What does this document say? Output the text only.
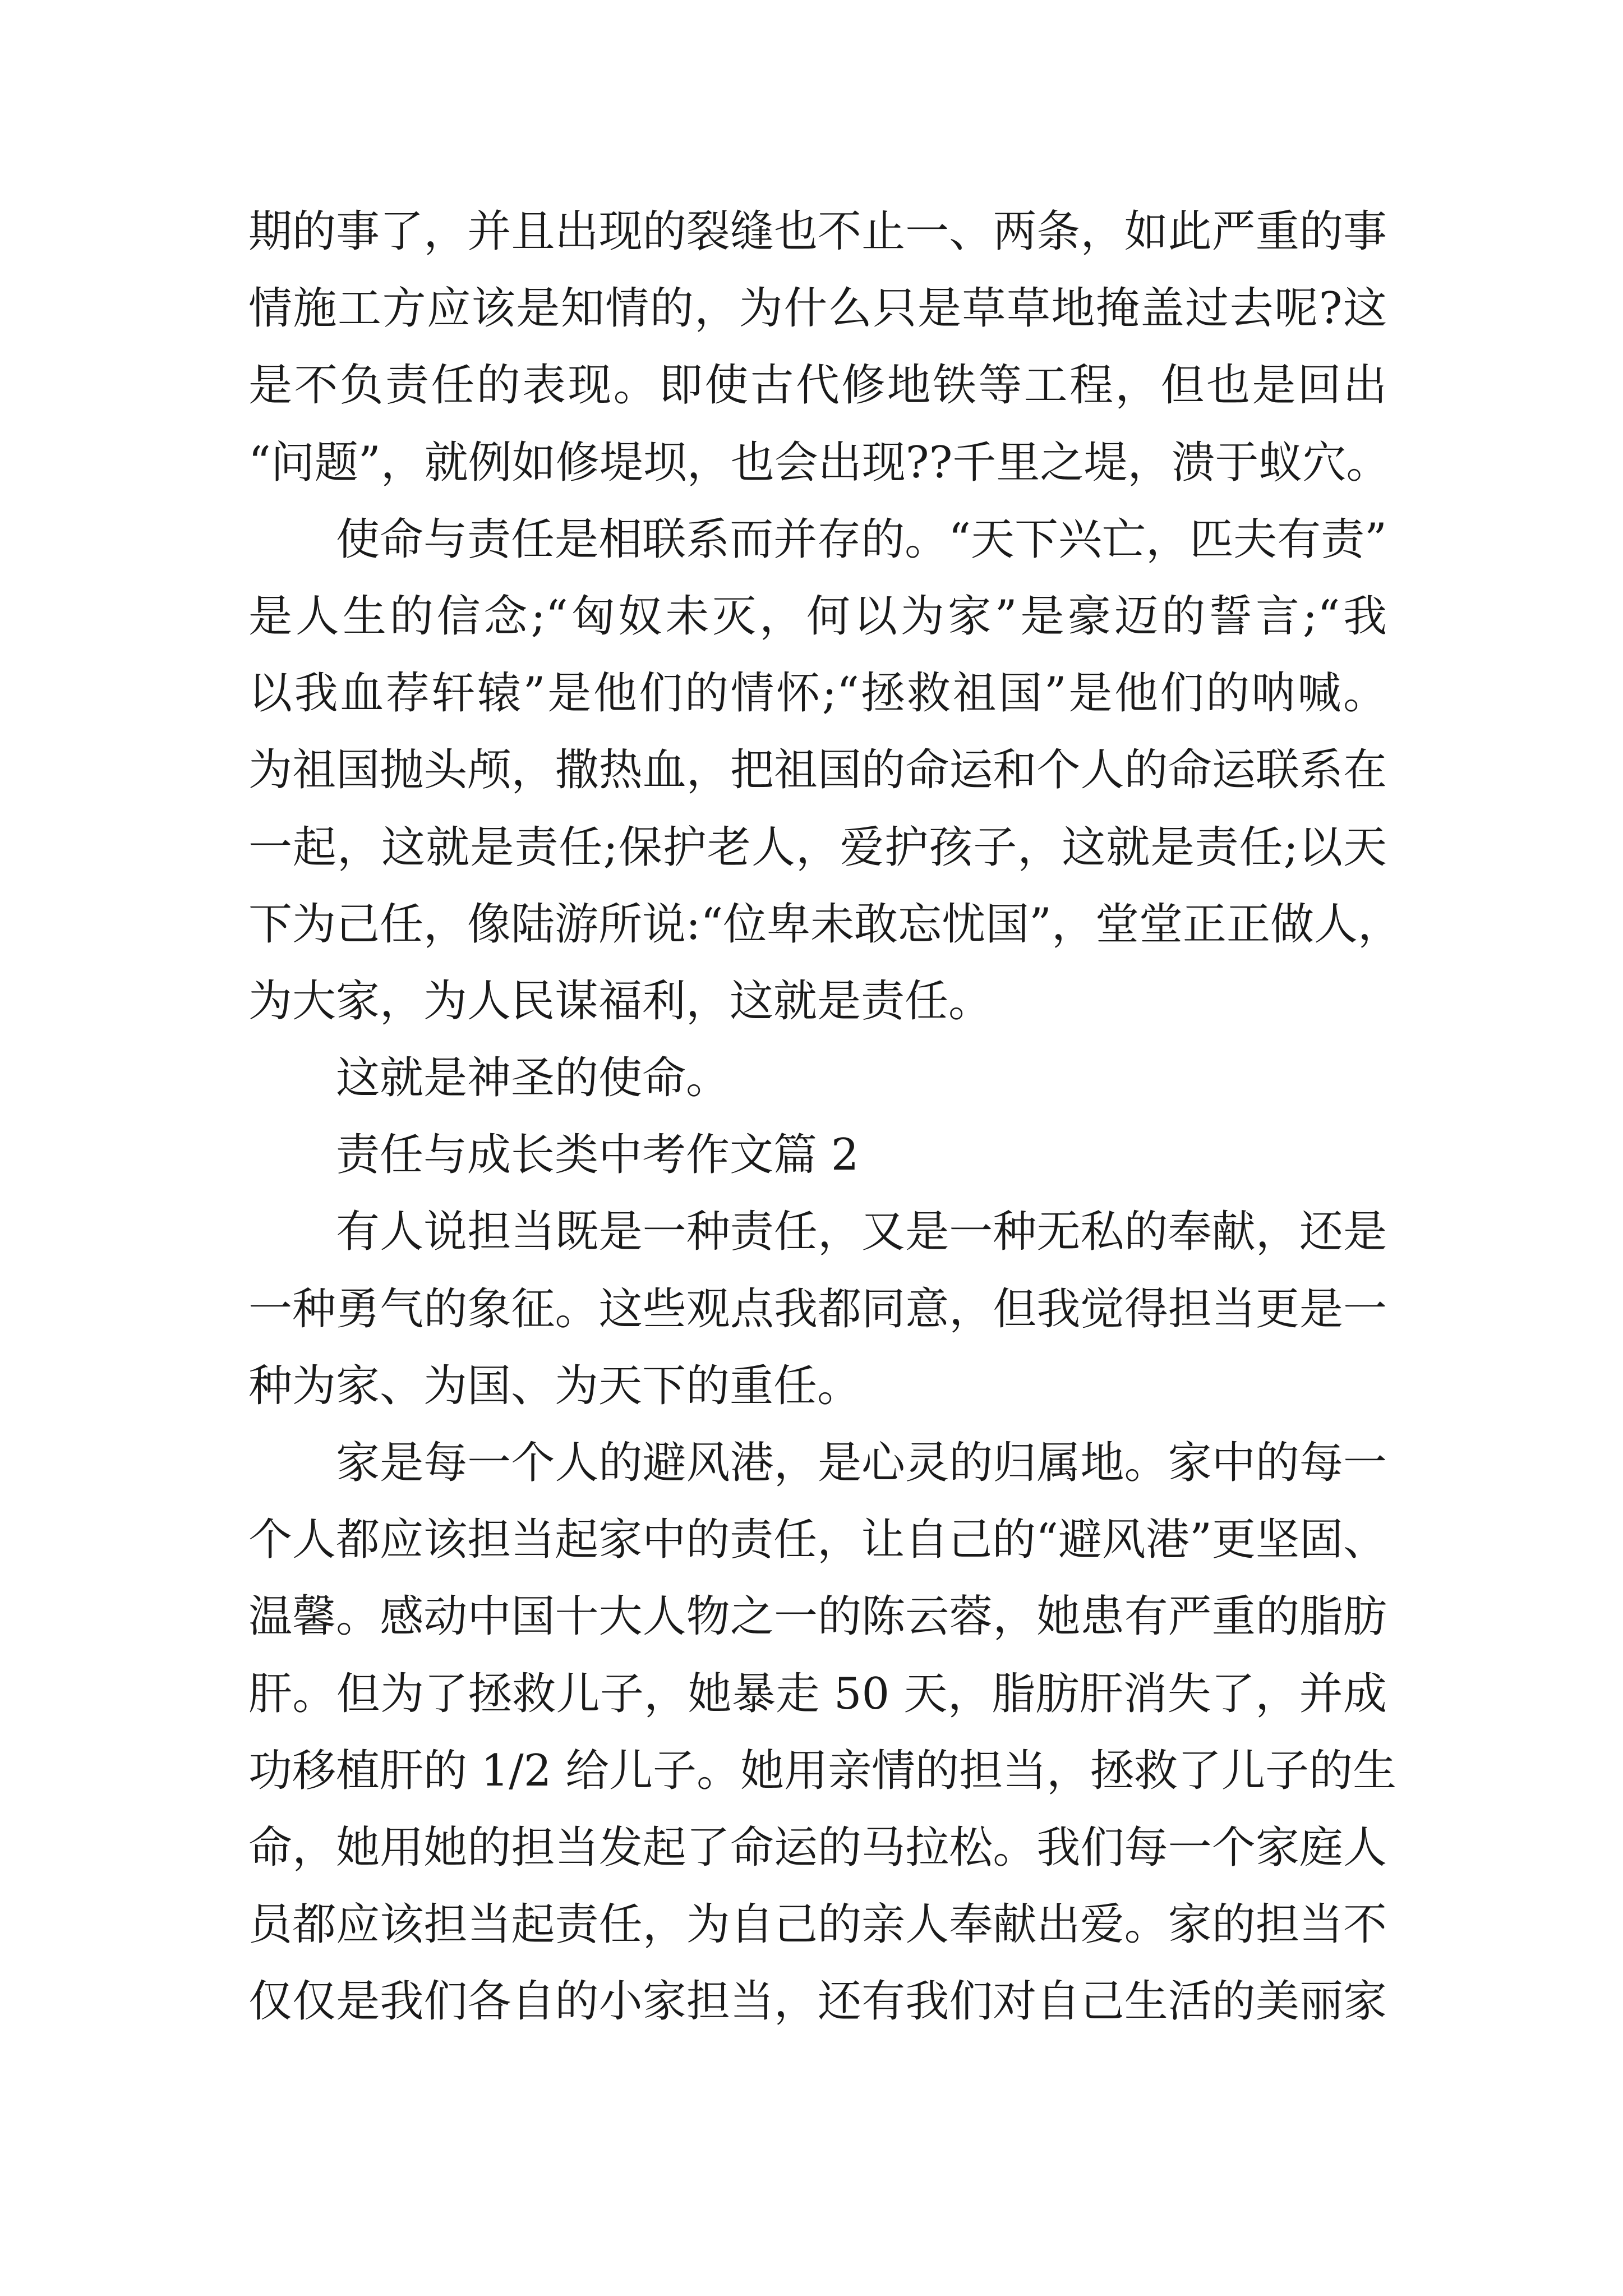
期的事了，并且出现的裂缝也不止一、两条，如此严重的事
情施工方应该是知情的，为什么只是草草地掩盖过去呢?这
是不负责任的表现。即使古代修地铁等工程，但也是回出
“问题”，就例如修堤坝，也会出现??千里之堤，溃于蚁穴。
使命与责任是相联系而并存的。“天下兴亡，匹夫有责”
是人生的信念;“匈奴未灭，何以为家”是豪迈的誓言;“我
以我血荐轩辕”是他们的情怀;“拯救祖国”是他们的呐喊。
为祖国抛头颅，撒热血，把祖国的命运和个人的命运联系在
一起，这就是责任;保护老人，爱护孩子，这就是责任;以天
下为己任，像陆游所说:“位卑未敢忘忧国”，堂堂正正做人，
为大家，为人民谋福利，这就是责任。
这就是神圣的使命。
责任与成长类中考作文篇 2
有人说担当既是一种责任，又是一种无私的奉献，还是
一种勇气的象征。这些观点我都同意，但我觉得担当更是一
种为家、为国、为天下的重任。
家是每一个人的避风港，是心灵的归属地。家中的每一
个人都应该担当起家中的责任，让自己的“避风港”更坚固、
温馨。感动中国十大人物之一的陈云蓉，她患有严重的脂肪
肝。但为了拯救儿子，她暴走 50 天，脂肪肝消失了，并成
功移植肝的 1/2 给儿子。她用亲情的担当，拯救了儿子的生
命，她用她的担当发起了命运的马拉松。我们每一个家庭人
员都应该担当起责任，为自己的亲人奉献出爱。家的担当不
仅仅是我们各自的小家担当，还有我们对自己生活的美丽家
